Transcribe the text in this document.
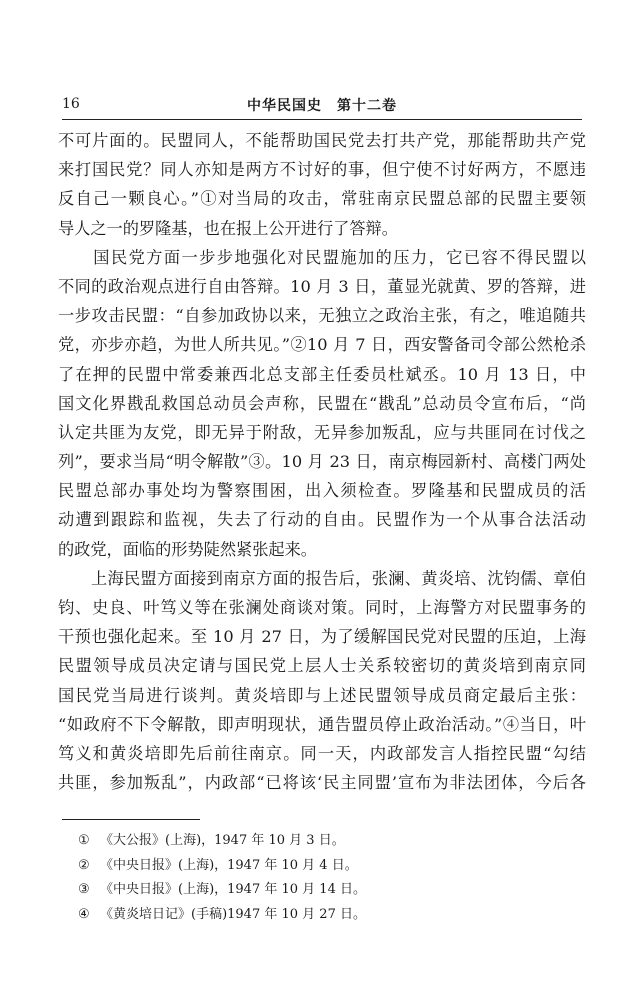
16	中华民国史　第十二卷
不可片面的。民盟同人，不能帮助国民党去打共产党，那能帮助共产党
来打国民党？同人亦知是两方不讨好的事，但宁使不讨好两方，不愿违
反自己一颗良心。”①对当局的攻击，常驻南京民盟总部的民盟主要领
导人之一的罗隆基，也在报上公开进行了答辩。
　　国民党方面一步步地强化对民盟施加的压力，它已容不得民盟以
不同的政治观点进行自由答辩。10 月 3 日，董显光就黄、罗的答辩，进
一步攻击民盟：“自参加政协以来，无独立之政治主张，有之，唯追随共
党，亦步亦趋，为世人所共见。”②10 月 7 日，西安警备司令部公然枪杀
了在押的民盟中常委兼西北总支部主任委员杜斌丞。10 月 13 日，中
国文化界戡乱救国总动员会声称，民盟在“戡乱”总动员令宣布后，“尚
认定共匪为友党，即无异于附敌，无异参加叛乱，应与共匪同在讨伐之
列”，要求当局“明令解散”③。10 月 23 日，南京梅园新村、高楼门两处
民盟总部办事处均为警察围困，出入须检查。罗隆基和民盟成员的活
动遭到跟踪和监视，失去了行动的自由。民盟作为一个从事合法活动
的政党，面临的形势陡然紧张起来。
　　上海民盟方面接到南京方面的报告后，张澜、黄炎培、沈钧儒、章伯
钧、史良、叶笃义等在张澜处商谈对策。同时，上海警方对民盟事务的
干预也强化起来。至 10 月 27 日，为了缓解国民党对民盟的压迫，上海
民盟领导成员决定请与国民党上层人士关系较密切的黄炎培到南京同
国民党当局进行谈判。黄炎培即与上述民盟领导成员商定最后主张：
“如政府不下令解散，即声明现状，通告盟员停止政治活动。”④当日，叶
笃义和黄炎培即先后前往南京。同一天，内政部发言人指控民盟“勾结
共匪，参加叛乱”，内政部“已将该‘民主同盟’宣布为非法团体，今后各
① 《大公报》(上海)，1947 年 10 月 3 日。
② 《中央日报》(上海)，1947 年 10 月 4 日。
③ 《中央日报》(上海)，1947 年 10 月 14 日。
④ 《黄炎培日记》(手稿)1947 年 10 月 27 日。
